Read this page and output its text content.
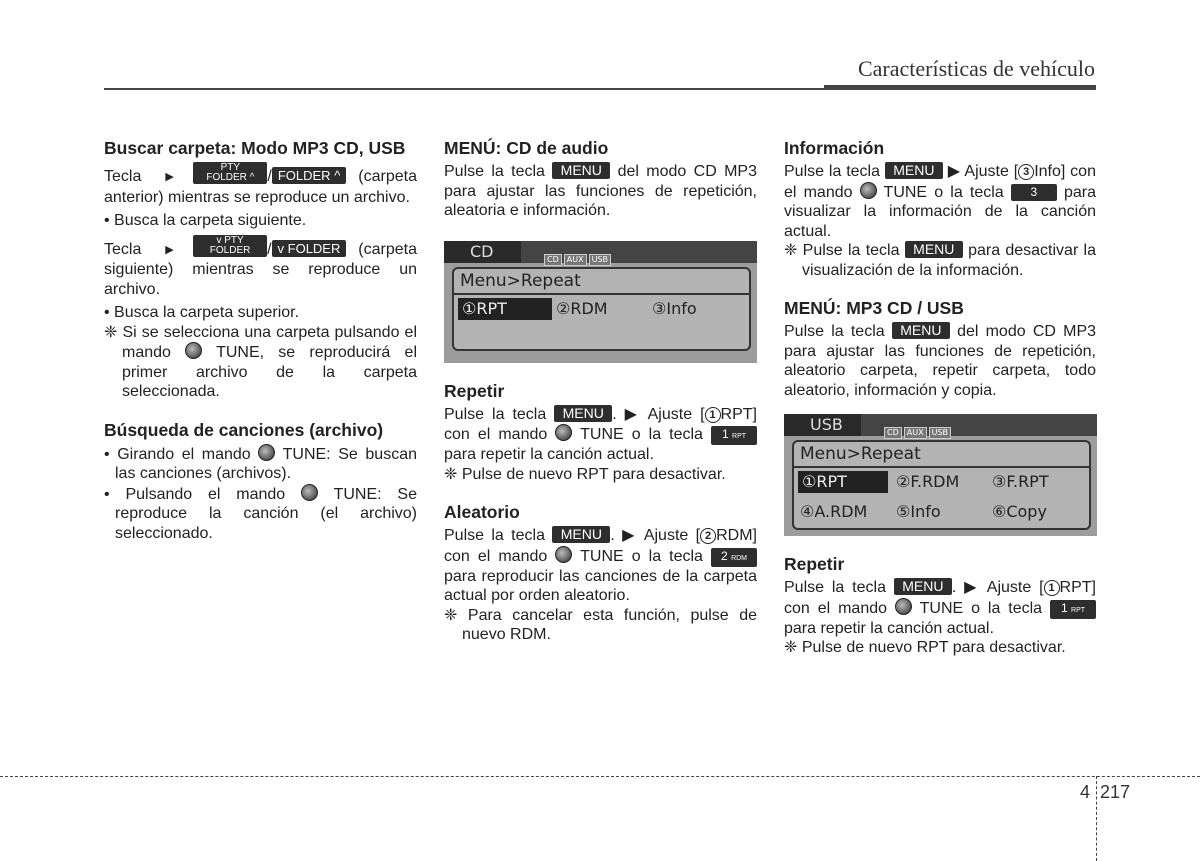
Características de vehículo
Buscar carpeta: Modo MP3 CD, USB

Tecla ▶ PTY
FOLDER ^ / FOLDER ^ (carpeta anterior) mientras se reproduce un archivo.

• Busca la carpeta siguiente.

Tecla ▶ v PTY
FOLDER / v FOLDER (carpeta siguiente) mientras se reproduce un archivo.

• Busca la carpeta superior.

❈ Si se selecciona una carpeta pulsando el mando	TUNE, se reproducirá el primer archivo de la carpeta seleccionada.

Búsqueda de canciones (archivo)

• Girando el mando TUNE: Se buscan las canciones (archivos).

• Pulsando el mando	TUNE: Se reproduce la canción (el archivo) seleccionado.

MENÚ: CD de audio

Pulse la tecla MENU del modo CD MP3 para ajustar las funciones de repetición, aleatoria e información.

CD	CD AUX USB
Menu>Repeat
①RPT	②RDM	③Info
Repetir

Pulse la tecla MENU . ▶ Ajuste [ 1 RPT] con el mando TUNE o la tecla 1 RPT para repetir la canción actual.

❈ Pulse de nuevo RPT para desactivar.

Aleatorio

Pulse la tecla MENU . ▶ Ajuste [ 2 RDM] con el mando TUNE o la tecla 2 RDM para reproducir las canciones de la carpeta actual por orden aleatorio.

❈ Para cancelar esta función, pulse de nuevo RDM.

Información

Pulse la tecla MENU ▶ Ajuste [ 3 Info] con el mando TUNE o la tecla 3 para visualizar la información de la canción actual.

❈ Pulse la tecla MENU para desactivar la visualización de la información.

MENÚ: MP3 CD / USB

Pulse la tecla MENU del modo CD MP3 para ajustar las funciones de repetición, aleatorio carpeta, repetir carpeta, todo aleatorio, información y copia.

USB	CD AUX USB
Menu>Repeat
①RPT	②F.RDM ③F.RPT
④A.RDM ⑤Info	⑥Copy
Repetir

Pulse la tecla MENU . ▶ Ajuste [ 1 RPT] con el mando TUNE o la tecla 1 RPT para repetir la canción actual.

❈ Pulse de nuevo RPT para desactivar.

4 217
